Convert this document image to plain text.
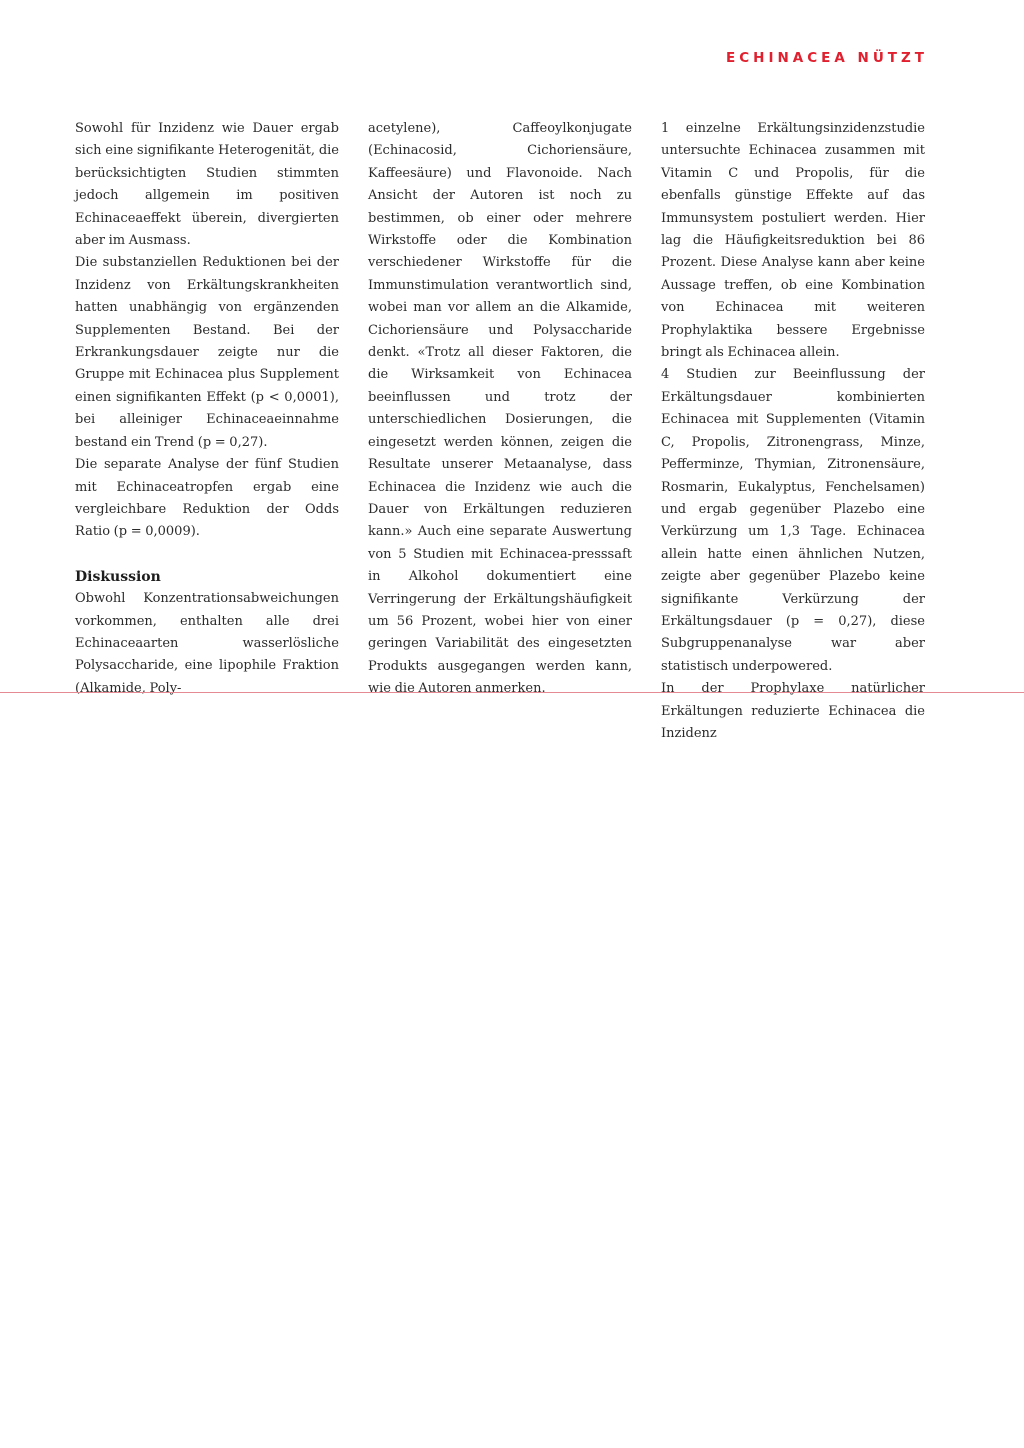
ECHINACEA NÜTZT

Sowohl für Inzidenz wie Dauer ergab sich eine signifikante Heterogenität, die berücksichtigten Studien stimmten jedoch allgemein im positiven Echinaceaeffekt überein, divergierten aber im Ausmass.

Die substanziellen Reduktionen bei der Inzidenz von Erkältungskrankheiten hatten unabhängig von ergänzenden Supplementen Bestand. Bei der Erkrankungsdauer zeigte nur die Gruppe mit Echinacea plus Supplement einen signifikanten Effekt (p < 0,0001), bei alleiniger Echinaceaeinnahme bestand ein Trend (p = 0,27).

Die separate Analyse der fünf Studien mit Echinaceatropfen ergab eine vergleichbare Reduktion der Odds Ratio (p = 0,0009).

Diskussion

Obwohl Konzentrationsabweichungen vorkommen, enthalten alle drei Echinaceaarten wasserlösliche Polysaccharide, eine lipophile Fraktion (Alkamide, Poly-

acetylene), Caffeoylkonjugate (Echinacosid, Cichoriensäure, Kaffeesäure) und Flavonoide. Nach Ansicht der Autoren ist noch zu bestimmen, ob einer oder mehrere Wirkstoffe oder die Kombination verschiedener Wirkstoffe für die Immunstimulation verantwortlich sind, wobei man vor allem an die Alkamide, Cichoriensäure und Polysaccharide denkt. «Trotz all dieser Faktoren, die die Wirksamkeit von Echinacea beeinflussen und trotz der unterschiedlichen Dosierungen, die eingesetzt werden können, zeigen die Resultate unserer Metaanalyse, dass Echinacea die Inzidenz wie auch die Dauer von Erkältungen reduzieren kann.» Auch eine separate Auswertung von 5 Studien mit Echinacea-presssaft in Alkohol dokumentiert eine Verringerung der Erkältungshäufigkeit um 56 Prozent, wobei hier von einer geringen Variabilität des eingesetzten Produkts ausgegangen werden kann, wie die Autoren anmerken.

1 einzelne Erkältungsinzidenzstudie untersuchte Echinacea zusammen mit Vitamin C und Propolis, für die ebenfalls günstige Effekte auf das Immunsystem postuliert werden. Hier lag die Häufigkeitsreduktion bei 86 Prozent. Diese Analyse kann aber keine Aussage treffen, ob eine Kombination von Echinacea mit weiteren Prophylaktika bessere Ergebnisse bringt als Echinacea allein.

4 Studien zur Beeinflussung der Erkältungsdauer kombinierten Echinacea mit Supplementen (Vitamin C, Propolis, Zitronengrass, Minze, Pefferminze, Thymian, Zitronensäure, Rosmarin, Eukalyptus, Fenchelsamen) und ergab gegenüber Plazebo eine Verkürzung um 1,3 Tage. Echinacea allein hatte einen ähnlichen Nutzen, zeigte aber gegenüber Plazebo keine signifikante Verkürzung der Erkältungsdauer (p = 0,27), diese Subgruppenanalyse war aber statistisch underpowered.

In der Prophylaxe natürlicher Erkältungen reduzierte Echinacea die Inzidenz
